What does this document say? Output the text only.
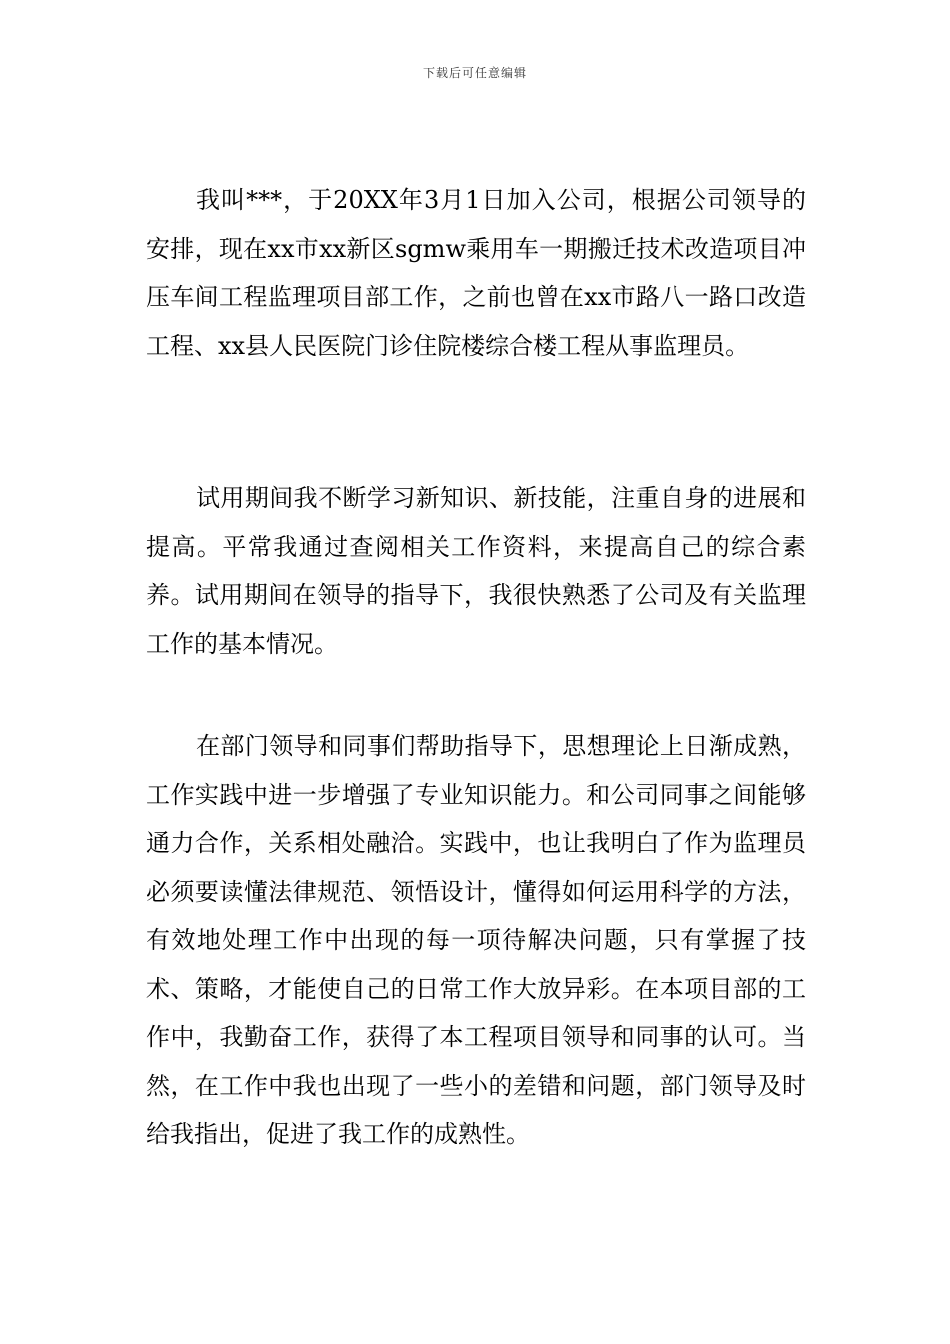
下载后可任意编辑

我叫***，于20XX年3月1日加入公司，根据公司领导的安排，现在xx市xx新区sgmw乘用车一期搬迁技术改造项目冲压车间工程监理项目部工作，之前也曾在xx市路八一路口改造工程、xx县人民医院门诊住院楼综合楼工程从事监理员。

试用期间我不断学习新知识、新技能，注重自身的进展和提高。平常我通过查阅相关工作资料，来提高自己的综合素养。试用期间在领导的指导下，我很快熟悉了公司及有关监理工作的基本情况。

在部门领导和同事们帮助指导下，思想理论上日渐成熟，工作实践中进一步增强了专业知识能力。和公司同事之间能够通力合作，关系相处融洽。实践中，也让我明白了作为监理员必须要读懂法律规范、领悟设计，懂得如何运用科学的方法，有效地处理工作中出现的每一项待解决问题，只有掌握了技术、策略，才能使自己的日常工作大放异彩。在本项目部的工作中，我勤奋工作，获得了本工程项目领导和同事的认可。当然，在工作中我也出现了一些小的差错和问题，部门领导及时给我指出，促进了我工作的成熟性。
